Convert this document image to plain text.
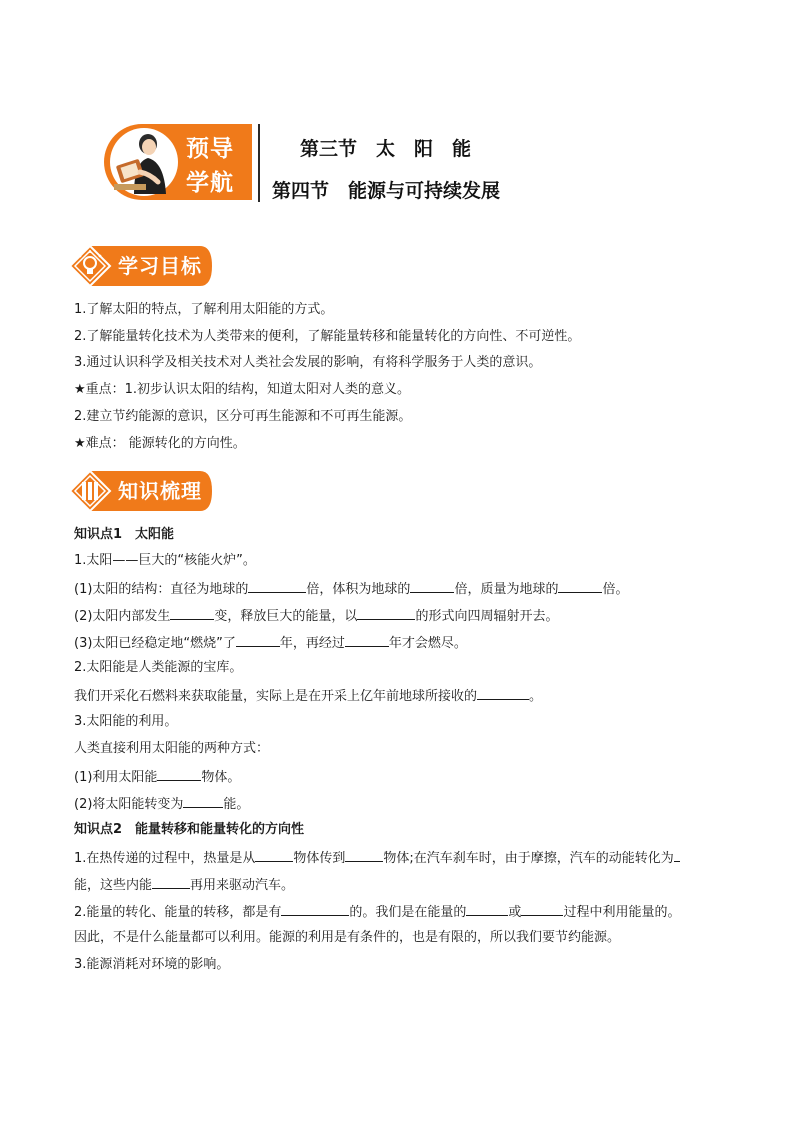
预导
学航
第三节　太　阳　能
第四节　能源与可持续发展
学习目标
1.了解太阳的特点，了解利用太阳能的方式。
2.了解能量转化技术为人类带来的便利，了解能量转移和能量转化的方向性、不可逆性。
3.通过认识科学及相关技术对人类社会发展的影响，有将科学服务于人类的意识。
★重点：1.初步认识太阳的结构，知道太阳对人类的意义。
2.建立节约能源的意识，区分可再生能源和不可再生能源。
★难点： 能源转化的方向性。
知识梳理
知识点1　太阳能
1.太阳——巨大的“核能火炉”。
(1)太阳的结构：直径为地球的	倍，体积为地球的	倍，质量为地球的	倍。
(2)太阳内部发生	变，释放巨大的能量，以	的形式向四周辐射开去。
(3)太阳已经稳定地“燃烧”了	年，再经过	年才会燃尽。
2.太阳能是人类能源的宝库。
我们开采化石燃料来获取能量，实际上是在开采上亿年前地球所接收的	。
3.太阳能的利用。
人类直接利用太阳能的两种方式：
(1)利用太阳能	物体。
(2)将太阳能转变为	能。
知识点2　能量转移和能量转化的方向性
1.在热传递的过程中，热量是从	物体传到	物体;在汽车刹车时，由于摩擦，汽车的动能转化为
能，这些内能	再用来驱动汽车。
2.能量的转化、能量的转移，都是有	的。我们是在能量的	或	过程中利用能量的。
因此，不是什么能量都可以利用。能源的利用是有条件的，也是有限的，所以我们要节约能源。
3.能源消耗对环境的影响。
